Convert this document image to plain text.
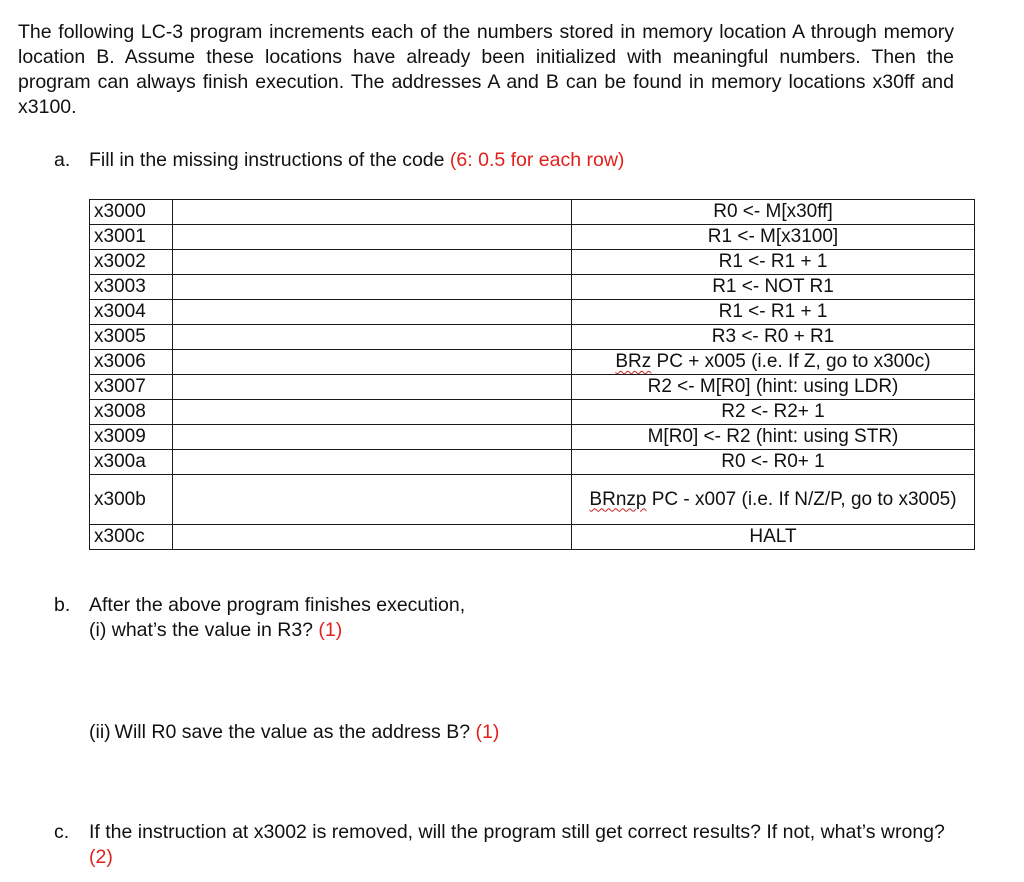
The following LC-3 program increments each of the numbers stored in memory location A through memory location B. Assume these locations have already been initialized with meaningful numbers. Then the program can always finish execution. The addresses A and B can be found in memory locations x30ff and x3100.
a. Fill in the missing instructions of the code (6: 0.5 for each row)
x3000		R0 <- M[x30ff]
x3001		R1 <- M[x3100]
x3002		R1 <- R1 + 1
x3003		R1 <- NOT R1
x3004		R1 <- R1 + 1
x3005		R3 <- R0 + R1
x3006		BRz PC + x005 (i.e. If Z, go to x300c)
x3007		R2 <- M[R0] (hint: using LDR)
x3008		R2 <- R2+ 1
x3009		M[R0] <- R2 (hint: using STR)
x300a		R0 <- R0+ 1
x300b		BRnzp PC - x007 (i.e. If N/Z/P, go to x3005)
x300c		HALT
b. After the above program finishes execution,
(i) what’s the value in R3? (1)
(ii) Will R0 save the value as the address B? (1)
c. If the instruction at x3002 is removed, will the program still get correct results? If not, what’s wrong? (2)
